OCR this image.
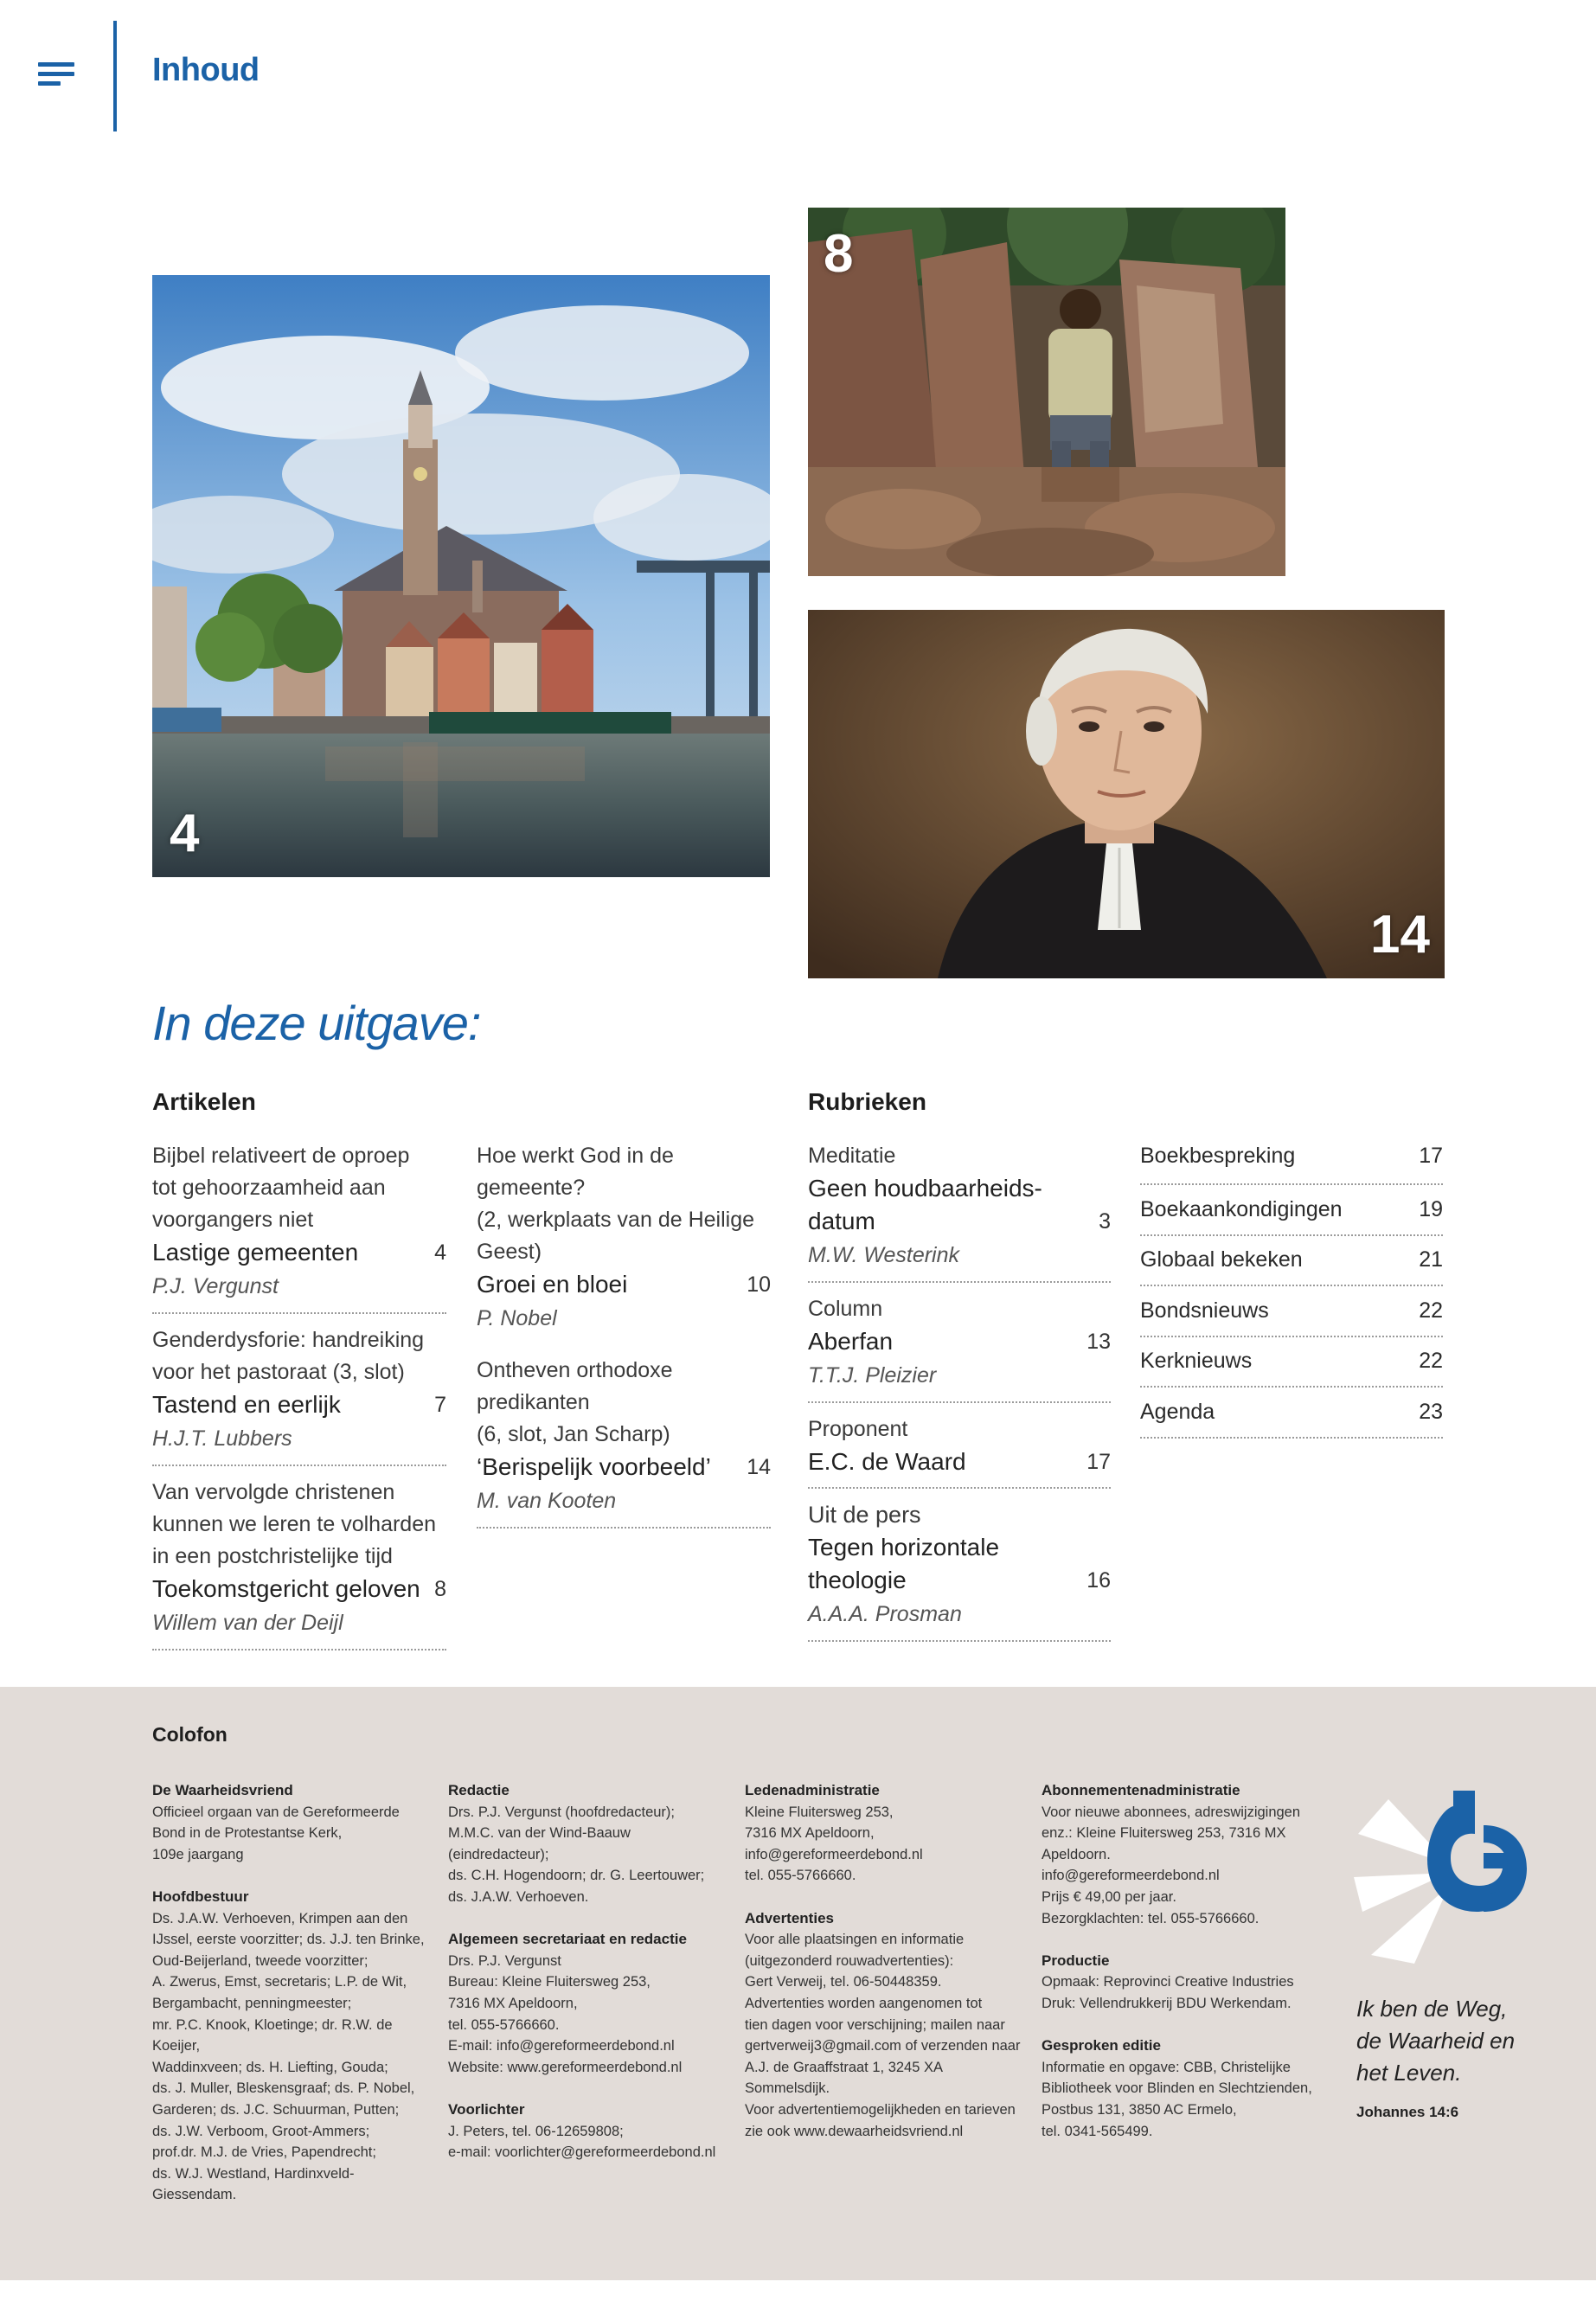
Inhoud
4
8
14
In deze uitgave:
Artikelen	Rubrieken
Bijbel relativeert de oproep
tot gehoorzaamheid aan
voorgangers niet
Lastige gemeenten	4
P.J. Vergunst
Genderdysforie: handreiking
voor het pastoraat (3, slot)
Tastend en eerlijk	7
H.J.T. Lubbers
Van vervolgde christenen
kunnen we leren te volharden
in een postchristelijke tijd
Toekomstgericht geloven 8
Willem van der Deijl
Hoe werkt God in de gemeente?
(2, werkplaats van de Heilige
Geest)
Groei en bloei	10
P. Nobel
Ontheven orthodoxe predikanten
(6, slot, Jan Scharp)
‘Berispelijk voorbeeld’ 14
M. van Kooten
Meditatie
Geen houdbaarheids-
datum	3
M.W. Westerink
Column
Aberfan	13
T.T.J. Pleizier
Proponent
E.C. de Waard	17
Uit de pers
Tegen horizontale
theologie	16
A.A.A. Prosman
Boekbespreking	17
Boekaankondigingen	19
Globaal bekeken	21
Bondsnieuws	22
Kerknieuws	22
Agenda	23
Colofon

De Waarheidsvriend
Officieel orgaan van de Gereformeerde
Bond in de Protestantse Kerk,
109e jaargang

Hoofdbestuur
Ds. J.A.W. Verhoeven, Krimpen aan den
IJssel, eerste voorzitter; ds. J.J. ten Brinke,
Oud-Beijerland, tweede voorzitter;
A. Zwerus, Emst, secretaris; L.P. de Wit,
Bergambacht, penningmeester;
mr. P.C. Knook, Kloetinge; dr. R.W. de Koeijer,
Waddinxveen; ds. H. Liefting, Gouda;
ds. J. Muller, Bleskensgraaf; ds. P. Nobel,
Garderen; ds. J.C. Schuurman, Putten;
ds. J.W. Verboom, Groot-Ammers;
prof.dr. M.J. de Vries, Papendrecht;
ds. W.J. Westland, Hardinxveld-Giessendam.

Redactie
Drs. P.J. Vergunst (hoofdredacteur);
M.M.C. van der Wind-Baauw (eindredacteur);
ds. C.H. Hogendoorn; dr. G. Leertouwer;
ds. J.A.W. Verhoeven.

Algemeen secretariaat en redactie
Drs. P.J. Vergunst
Bureau: Kleine Fluitersweg 253,
7316 MX Apeldoorn,
tel. 055-5766660.
E-mail: info@gereformeerdebond.nl
Website: www.gereformeerdebond.nl

Voorlichter
J. Peters, tel. 06-12659808;
e-mail: voorlichter@gereformeerdebond.nl

Ledenadministratie
Kleine Fluitersweg 253,
7316 MX Apeldoorn,
info@gereformeerdebond.nl
tel. 055-5766660.

Advertenties
Voor alle plaatsingen en informatie
(uitgezonderd rouwadvertenties):
Gert Verweij, tel. 06-50448359.
Advertenties worden aangenomen tot
tien dagen voor verschijning; mailen naar
gertverweij3@gmail.com of verzenden naar
A.J. de Graaffstraat 1, 3245 XA Sommelsdijk.
Voor advertentiemogelijkheden en tarieven
zie ook www.dewaarheidsvriend.nl

Abonnementenadministratie
Voor nieuwe abonnees, adreswijzigingen
enz.: Kleine Fluitersweg 253, 7316 MX
Apeldoorn.
info@gereformeerdebond.nl
Prijs € 49,00 per jaar.
Bezorgklachten: tel. 055-5766660.

Productie
Opmaak: Reprovinci Creative Industries
Druk: Vellendrukkerij BDU Werkendam.

Gesproken editie
Informatie en opgave: CBB, Christelijke
Bibliotheek voor Blinden en Slechtzienden,
Postbus 131, 3850 AC Ermelo,
tel. 0341-565499.

Ik ben de Weg,
de Waarheid en
het Leven.
Johannes 14:6
